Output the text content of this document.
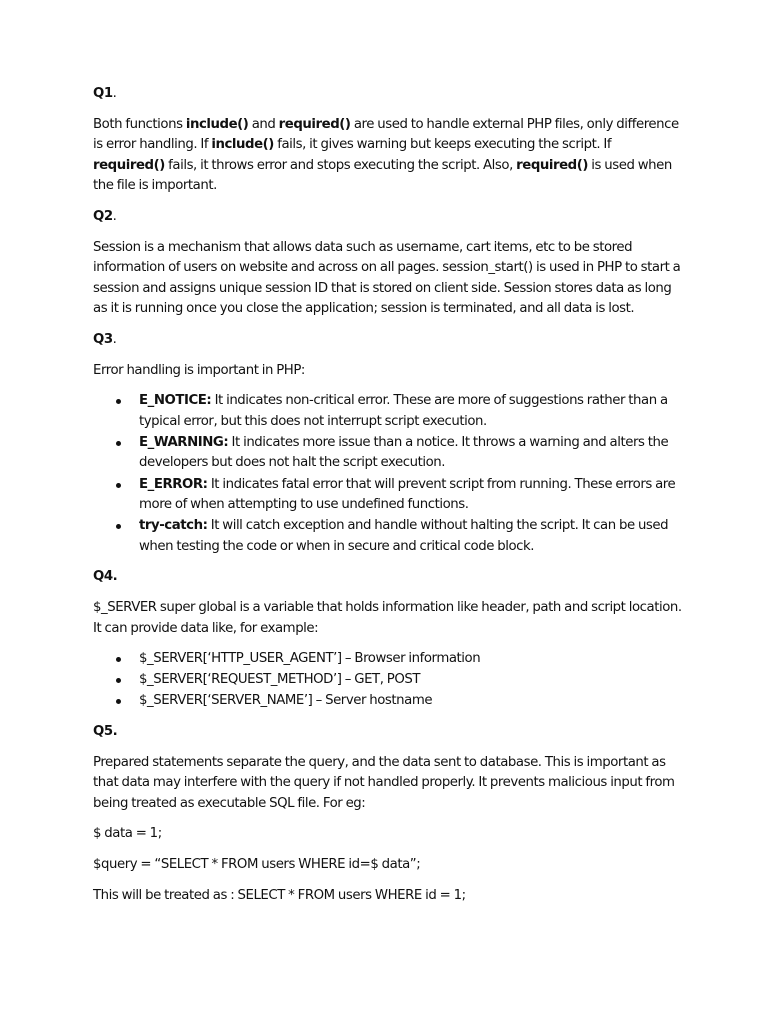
Q1.

Both functions include() and required() are used to handle external PHP files, only difference is error handling. If include() fails, it gives warning but keeps executing the script. If required() fails, it throws error and stops executing the script. Also, required() is used when the file is important.

Q2.

Session is a mechanism that allows data such as username, cart items, etc to be stored information of users on website and across on all pages. session_start() is used in PHP to start a session and assigns unique session ID that is stored on client side. Session stores data as long as it is running once you close the application; session is terminated, and all data is lost.

Q3.

Error handling is important in PHP:

E_NOTICE: It indicates non-critical error. These are more of suggestions rather than a typical error, but this does not interrupt script execution.
E_WARNING: It indicates more issue than a notice. It throws a warning and alters the developers but does not halt the script execution.
E_ERROR: It indicates fatal error that will prevent script from running. These errors are more of when attempting to use undefined functions.
try-catch: It will catch exception and handle without halting the script. It can be used when testing the code or when in secure and critical code block.

Q4.

$_SERVER super global is a variable that holds information like header, path and script location. It can provide data like, for example:

$_SERVER[‘HTTP_USER_AGENT’] – Browser information
$_SERVER[‘REQUEST_METHOD’] – GET, POST
$_SERVER[‘SERVER_NAME’] – Server hostname

Q5.

Prepared statements separate the query, and the data sent to database. This is important as that data may interfere with the query if not handled properly. It prevents malicious input from being treated as executable SQL file. For eg:

$ data = 1;

$query = “SELECT * FROM users WHERE id=$ data”;

This will be treated as : SELECT * FROM users WHERE id = 1;
